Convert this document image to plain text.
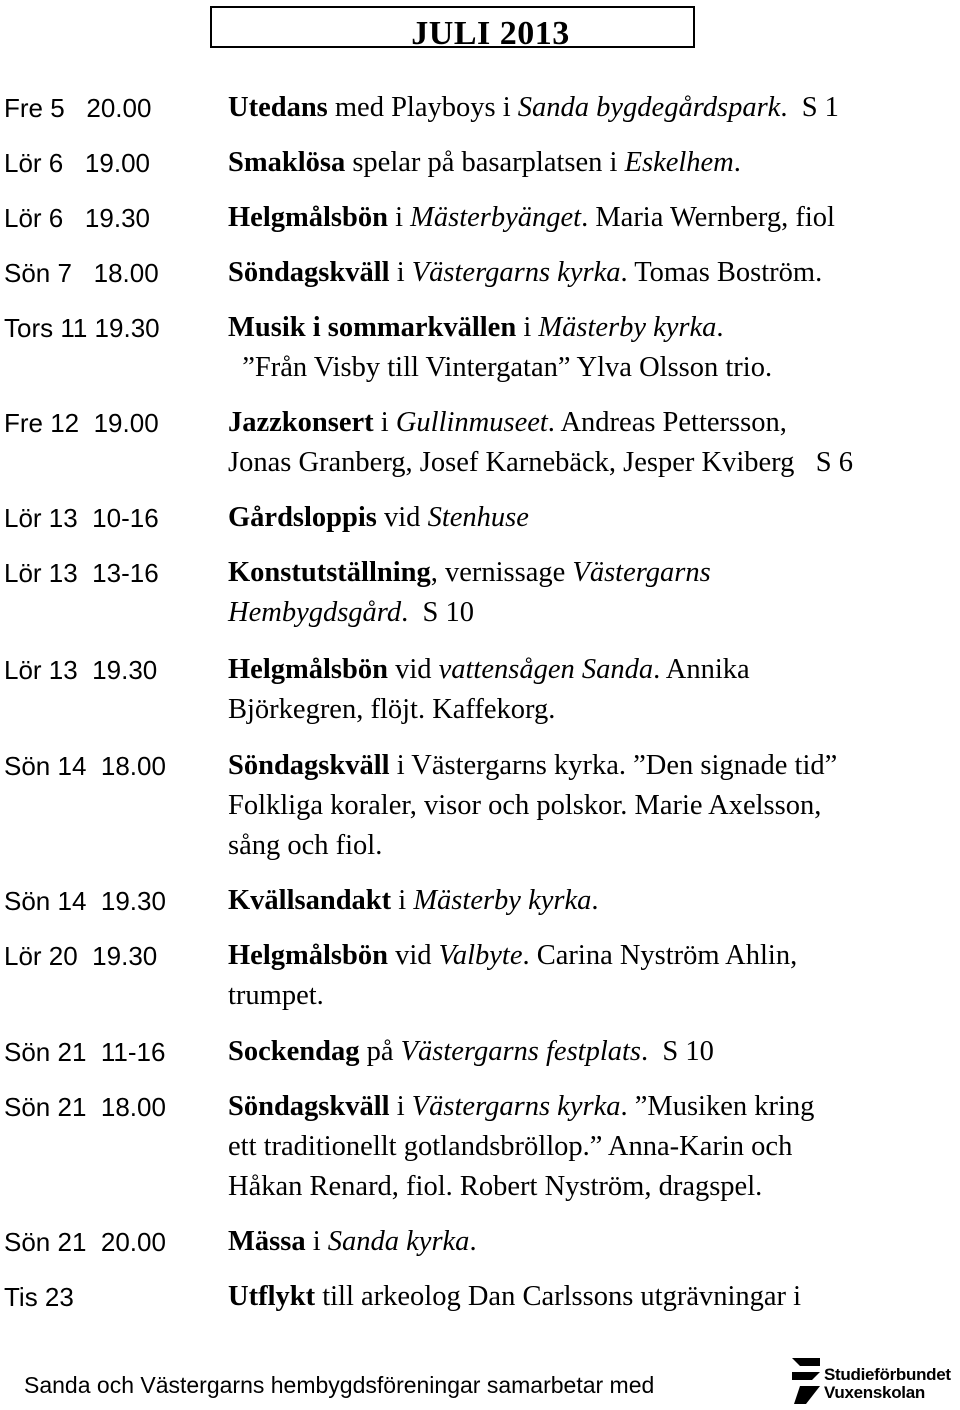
JULI 2013
Fre 5   20.00	Utedans med Playboys i Sanda bygdegårdspark.  S 1
Lör 6   19.00	Smaklösa spelar på basarplatsen i Eskelhem.
Lör 6   19.30	Helgmålsbön i Mästerbyänget. Maria Wernberg, fiol
Sön 7   18.00 Söndagskväll i Västergarns kyrka. Tomas Boström.
Tors 11 19.30 Musik i sommarkvällen i Mästerby kyrka.
”Från Visby till Vintergatan” Ylva Olsson trio.
Fre 12  19.00 Jazzkonsert i Gullinmuseet. Andreas Pettersson,
Jonas Granberg, Josef Karnebäck, Jesper Kviberg   S 6
Lör 13  10-16 Gårdsloppis vid Stenhuse
Lör 13  13-16 Konstutställning, vernissage Västergarns
Hembygdsgård.  S 10
Lör 13  19.30 Helgmålsbön vid vattensågen Sanda. Annika
Björkegren, flöjt. Kaffekorg.
Sön 14  18.00 Söndagskväll i Västergarns kyrka. ”Den signade tid”
Folkliga koraler, visor och polskor. Marie Axelsson,
sång och fiol.
Sön 14  19.30 Kvällsandakt i Mästerby kyrka.
Lör 20  19.30 Helgmålsbön vid Valbyte. Carina Nyström Ahlin,
trumpet.
Sön 21  11-16 Sockendag på Västergarns festplats.  S 10
Sön 21  18.00 Söndagskväll i Västergarns kyrka. ”Musiken kring
ett traditionellt gotlandsbröllop.” Anna-Karin och
Håkan Renard, fiol. Robert Nyström, dragspel.
Sön 21  20.00 Mässa i Sanda kyrka.
Tis 23	Utflykt till arkeolog Dan Carlssons utgrävningar i
Sanda och Västergarns hembygdsföreningar samarbetar med	Studieförbundet
Vuxenskolan
